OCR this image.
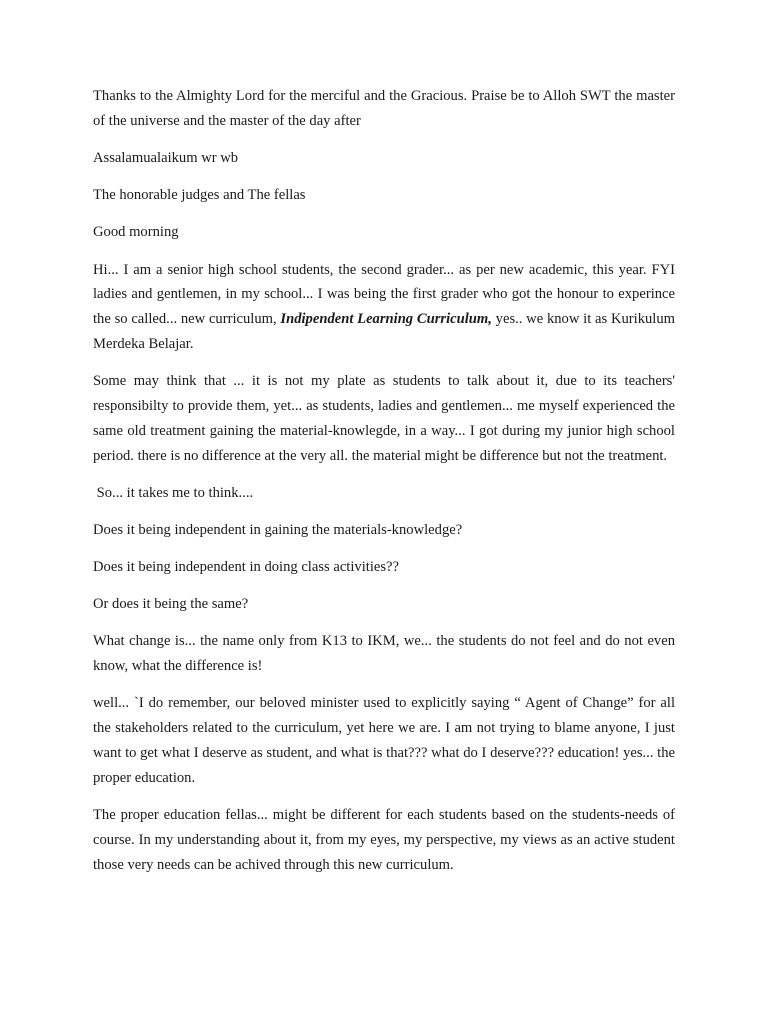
Thanks to the Almighty Lord for the merciful and the Gracious. Praise be to Alloh SWT the master of the universe and the master of the day after

Assalamualaikum wr wb

The honorable judges and The fellas

Good morning

Hi... I am a senior high school students, the second grader... as per new academic, this year. FYI ladies and gentlemen, in my school... I was being the first grader who got the honour to experince the so called... new curriculum, Indipendent Learning Curriculum, yes.. we know it as Kurikulum Merdeka Belajar.

Some may think that ... it is not my plate as students to talk about it, due to its teachers' responsibilty to provide them, yet... as students, ladies and gentlemen... me myself experienced the same old treatment gaining the material-knowlegde, in a way... I got during my junior high school period. there is no difference at the very all. the material might be difference but not the treatment.

So... it takes me to think....

Does it being independent in gaining the materials-knowledge?

Does it being independent in doing class activities??

Or does it being the same?

What change is... the name only from K13 to IKM, we... the students do not feel and do not even know, what the difference is!

well... `I do remember, our beloved minister used to explicitly saying “ Agent of Change” for all the stakeholders related to the curriculum, yet here we are. I am not trying to blame anyone, I just want to get what I deserve as student, and what is that??? what do I deserve??? education! yes... the proper education.

The proper education fellas... might be different for each students based on the students-needs of course. In my understanding about it, from my eyes, my perspective, my views as an active student those very needs can be achived through this new curriculum.
